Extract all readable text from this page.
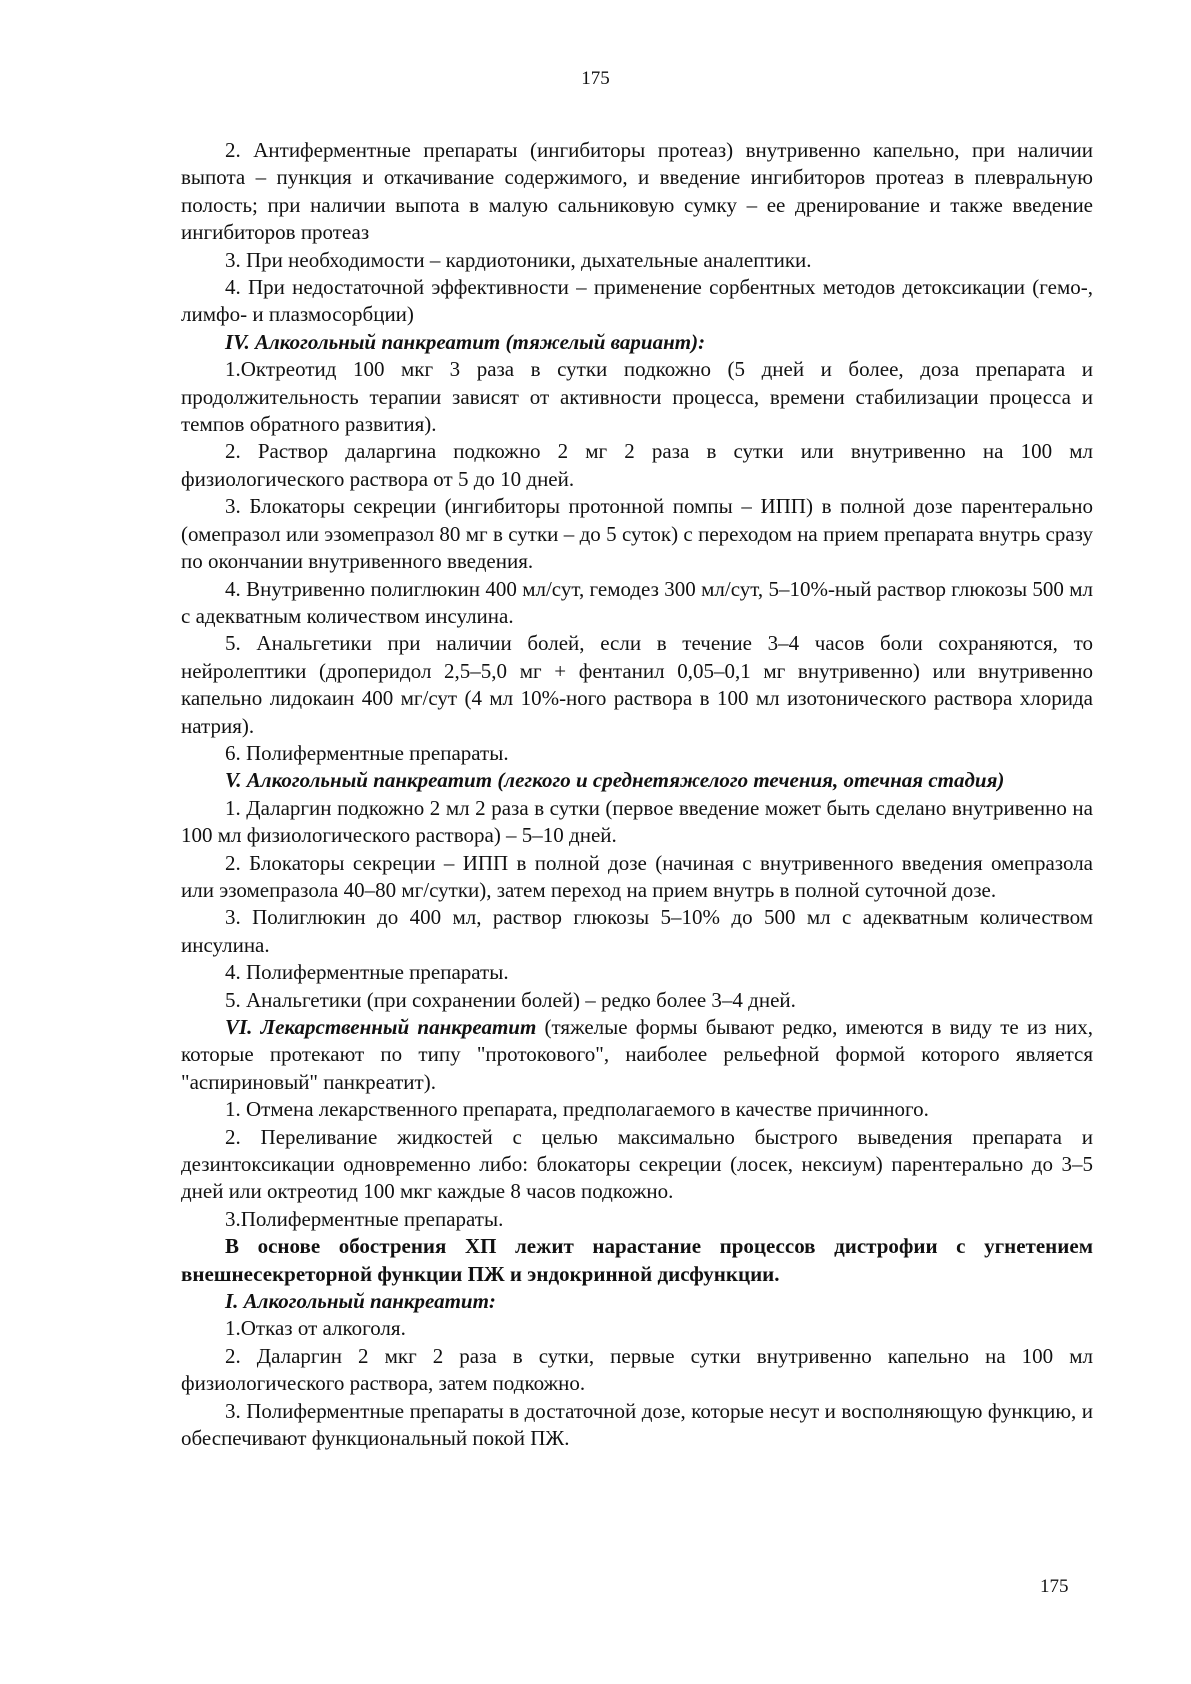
175

2. Антиферментные препараты (ингибиторы протеаз) внутривенно капельно, при наличии выпота – пункция и откачивание содержимого, и введение ингибиторов протеаз в плевральную полость; при наличии выпота в малую сальниковую сумку – ее дренирование и также введение ингибиторов протеаз

3. При необходимости – кардиотоники, дыхательные аналептики.

4. При недостаточной эффективности – применение сорбентных методов детоксикации (гемо-, лимфо- и плазмосорбции)

IV. Алкогольный панкреатит (тяжелый вариант):

1.Октреотид 100 мкг 3 раза в сутки подкожно (5 дней и более, доза препарата и продолжительность терапии зависят от активности процесса, времени стабилизации процесса и темпов обратного развития).

2. Раствор даларгина подкожно 2 мг 2 раза в сутки или внутривенно на 100 мл физиологического раствора от 5 до 10 дней.

3. Блокаторы секреции (ингибиторы протонной помпы – ИПП) в полной дозе парентерально (омепразол или эзомепразол 80 мг в сутки – до 5 суток) с переходом на прием препарата внутрь сразу по окончании внутривенного введения.

4. Внутривенно полиглюкин 400 мл/сут, гемодез 300 мл/сут, 5–10%-ный раствор глюкозы 500 мл с адекватным количеством инсулина.

5. Анальгетики при наличии болей, если в течение 3–4 часов боли сохраняются, то нейролептики (дроперидол 2,5–5,0 мг + фентанил 0,05–0,1 мг внутривенно) или внутривенно капельно лидокаин 400 мг/сут (4 мл 10%-ного раствора в 100 мл изотонического раствора хлорида натрия).

6. Полиферментные препараты.

V. Алкогольный панкреатит (легкого и среднетяжелого течения, отечная стадия)

1. Даларгин подкожно 2 мл 2 раза в сутки (первое введение может быть сделано внутривенно на 100 мл физиологического раствора) – 5–10 дней.

2. Блокаторы секреции – ИПП в полной дозе (начиная с внутривенного введения омепразола или эзомепразола 40–80 мг/сутки), затем переход на прием внутрь в полной суточной дозе.

3. Полиглюкин до 400 мл, раствор глюкозы 5–10% до 500 мл с адекватным количеством инсулина.

4. Полиферментные препараты.

5. Анальгетики (при сохранении болей) – редко более 3–4 дней.

VI. Лекарственный панкреатит (тяжелые формы бывают редко, имеются в виду те из них, которые протекают по типу "протокового", наиболее рельефной формой которого является "аспириновый" панкреатит).

1. Отмена лекарственного препарата, предполагаемого в качестве причинного.

2. Переливание жидкостей с целью максимально быстрого выведения препарата и дезинтоксикации одновременно либо: блокаторы секреции (лосек, нексиум) парентерально до 3–5 дней или октреотид 100 мкг каждые 8 часов подкожно.

3.Полиферментные препараты.

В основе обострения ХП лежит нарастание процессов дистрофии с угнетением внешнесекреторной функции ПЖ и эндокринной дисфункции.

I. Алкогольный панкреатит:

1.Отказ от алкоголя.

2. Даларгин 2 мкг 2 раза в сутки, первые сутки внутривенно капельно на 100 мл физиологического раствора, затем подкожно.

3. Полиферментные препараты в достаточной дозе, которые несут и восполняющую функцию, и обеспечивают функциональный покой ПЖ.

175
